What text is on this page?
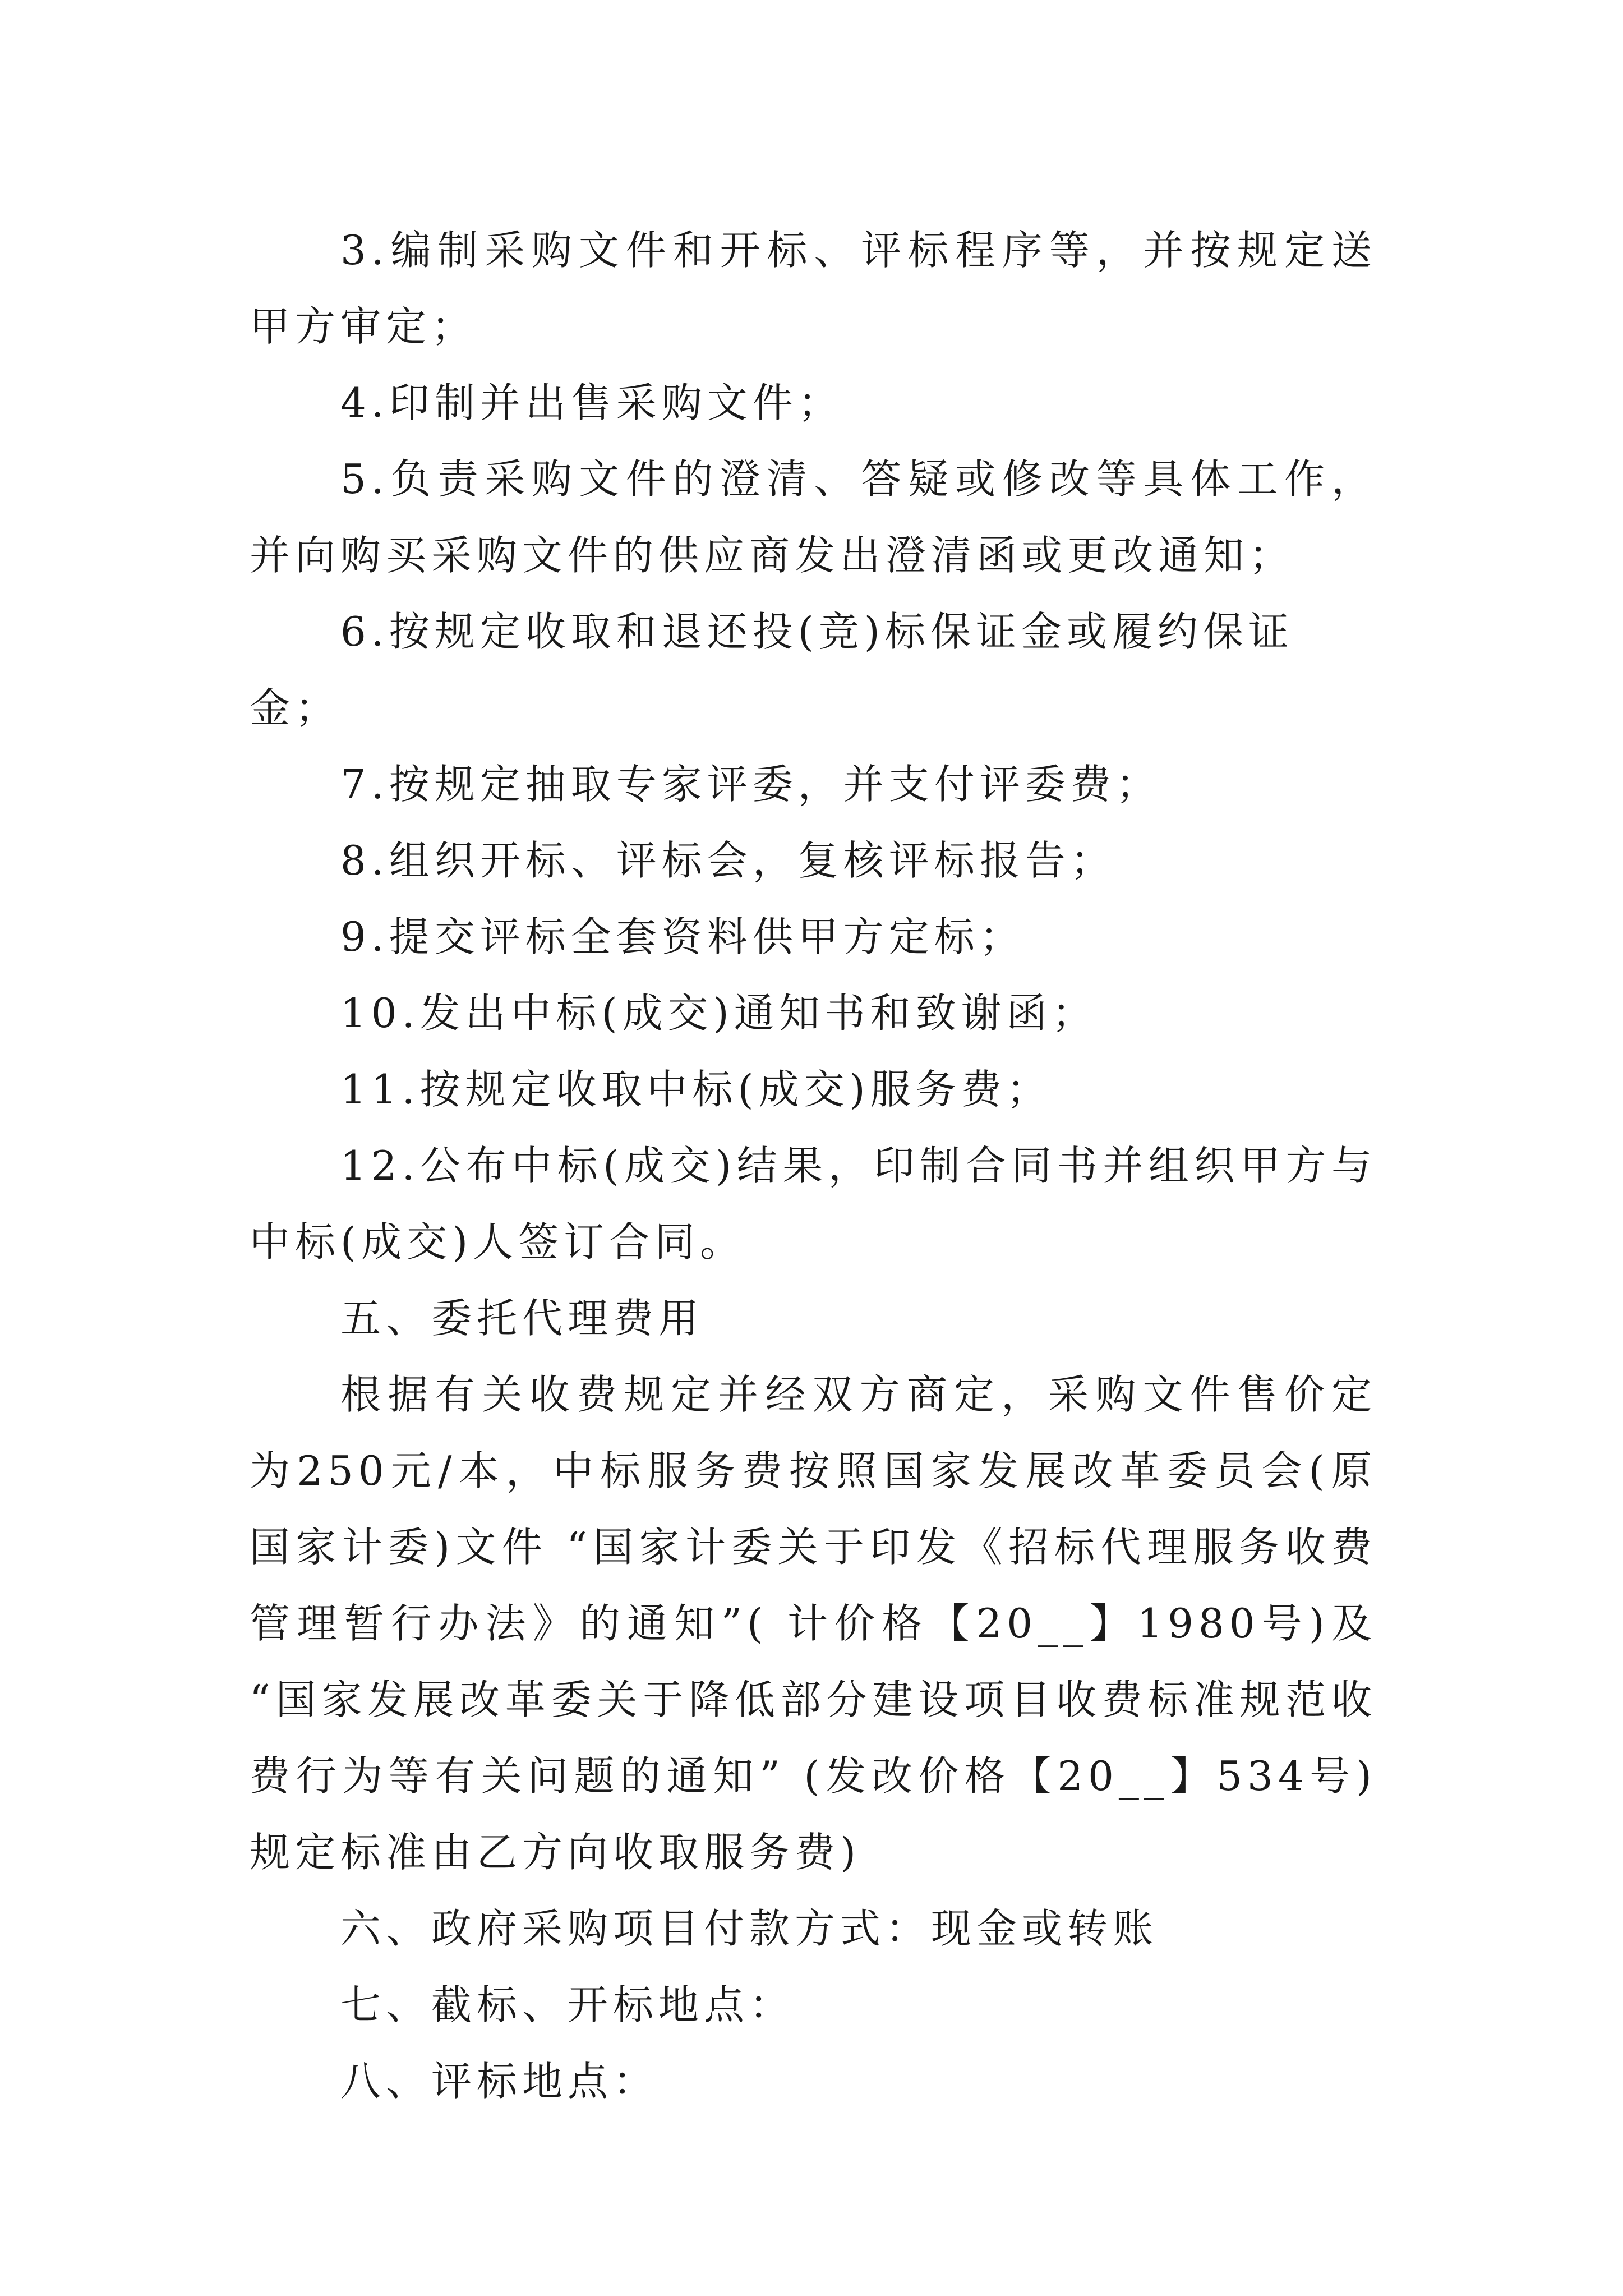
3.编制采购文件和开标、评标程序等，并按规定送甲方审定；

4.印制并出售采购文件；

5.负责采购文件的澄清、答疑或修改等具体工作，并向购买采购文件的供应商发出澄清函或更改通知；

6.按规定收取和退还投(竞)标保证金或履约保证金；

7.按规定抽取专家评委，并支付评委费；

8.组织开标、评标会，复核评标报告；

9.提交评标全套资料供甲方定标；

10.发出中标(成交)通知书和致谢函；

11.按规定收取中标(成交)服务费；

12.公布中标(成交)结果，印制合同书并组织甲方与中标(成交)人签订合同。

五、委托代理费用

根据有关收费规定并经双方商定，采购文件售价定为250元/本，中标服务费按照国家发展改革委员会(原国家计委)文件 “国家计委关于印发《招标代理服务收费管理暂行办法》的通知”( 计价格【20__】1980号)及 “国家发展改革委关于降低部分建设项目收费标准规范收费行为等有关问题的通知” (发改价格【20__】534号)规定标准由乙方向收取服务费)

六、政府采购项目付款方式：现金或转账

七、截标、开标地点：

八、评标地点：
